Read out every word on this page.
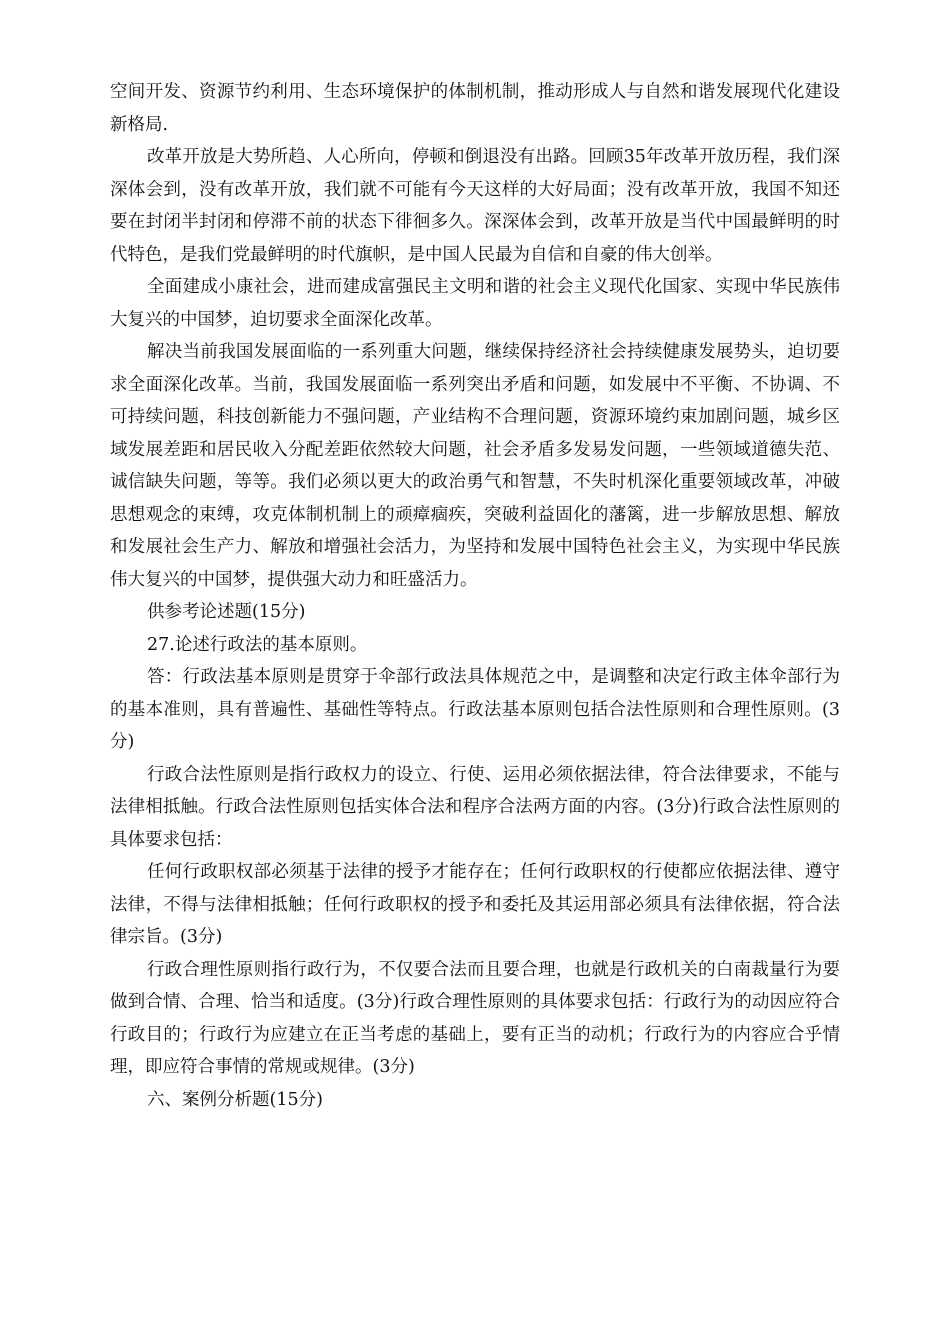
空间开发、资源节约利用、生态环境保护的体制机制，推动形成人与自然和谐发展现代化建设新格局.

改革开放是大势所趋、人心所向，停顿和倒退没有出路。回顾35年改革开放历程，我们深深体会到，没有改革开放，我们就不可能有今天这样的大好局面；没有改革开放，我国不知还要在封闭半封闭和停滞不前的状态下徘徊多久。深深体会到，改革开放是当代中国最鲜明的时代特色，是我们党最鲜明的时代旗帜，是中国人民最为自信和自豪的伟大创举。

全面建成小康社会，进而建成富强民主文明和谐的社会主义现代化国家、实现中华民族伟大复兴的中国梦，迫切要求全面深化改革。

解决当前我国发展面临的一系列重大问题，继续保持经济社会持续健康发展势头，迫切要求全面深化改革。当前，我国发展面临一系列突出矛盾和问题，如发展中不平衡、不协调、不可持续问题，科技创新能力不强问题，产业结构不合理问题，资源环境约束加剧问题，城乡区域发展差距和居民收入分配差距依然较大问题，社会矛盾多发易发问题，一些领域道德失范、诚信缺失问题，等等。我们必须以更大的政治勇气和智慧，不失时机深化重要领域改革，冲破思想观念的束缚，攻克体制机制上的顽瘴痼疾，突破利益固化的藩篱，进一步解放思想、解放和发展社会生产力、解放和增强社会活力，为坚持和发展中国特色社会主义，为实现中华民族伟大复兴的中国梦，提供强大动力和旺盛活力。

供参考论述题(15分)

27.论述行政法的基本原则。

答：行政法基本原则是贯穿于伞部行政法具体规范之中，是调整和决定行政主体伞部行为的基本准则，具有普遍性、基础性等特点。行政法基本原则包括合法性原则和合理性原则。(3分)

行政合法性原则是指行政权力的设立、行使、运用必须依据法律，符合法律要求，不能与法律相抵触。行政合法性原则包括实体合法和程序合法两方面的内容。(3分)行政合法性原则的具体要求包括：

任何行政职权部必须基于法律的授予才能存在；任何行政职权的行使都应依据法律、遵守法律，不得与法律相抵触；任何行政职权的授予和委托及其运用部必须具有法律依据，符合法律宗旨。(3分)

行政合理性原则指行政行为，不仅要合法而且要合理，也就是行政机关的白南裁量行为要做到合情、合理、恰当和适度。(3分)行政合理性原则的具体要求包括：行政行为的动因应符合行政目的；行政行为应建立在正当考虑的基础上，要有正当的动机；行政行为的内容应合乎情理，即应符合事情的常规或规律。(3分)

六、案例分析题(15分)
